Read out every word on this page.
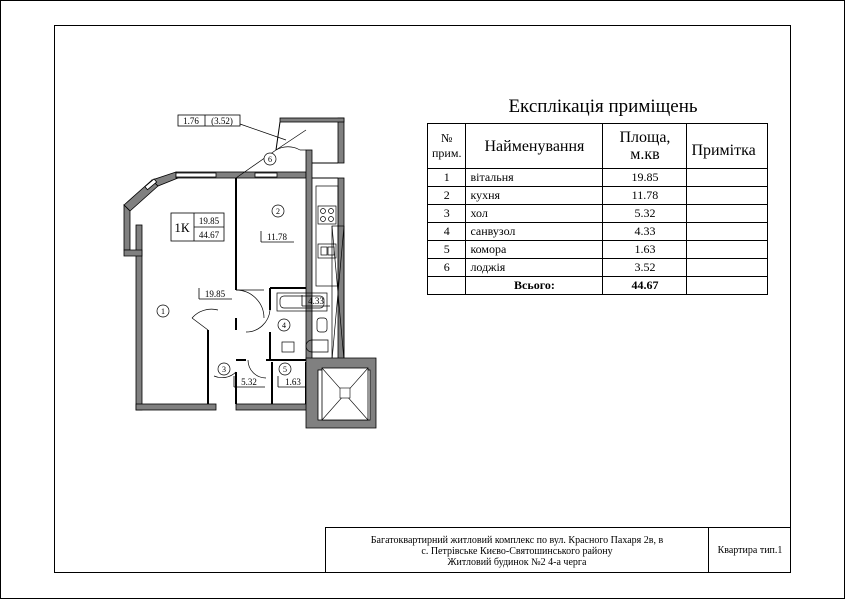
Експлікація приміщень
№ прим.	Найменування	Площа, м.кв	Примітка
1	вітальня	19.85	
2	кухня	11.78	
3	хол	5.32	
4	санвузол	4.33	
5	комора	1.63	
6	лоджія	3.52	
	Всього:	44.67	
Багатоквартирний житловий комплекс по вул. Красного Пахаря 2в, в
с. Петрівське Києво-Святошинського району
Житловий будинок №2 4-а черга
Квартира тип.1
1.76 (3.52)
1К 19.85
44.67
1
2
3
4
5
6
19.85
11.78
5.32
4.33
1.63
